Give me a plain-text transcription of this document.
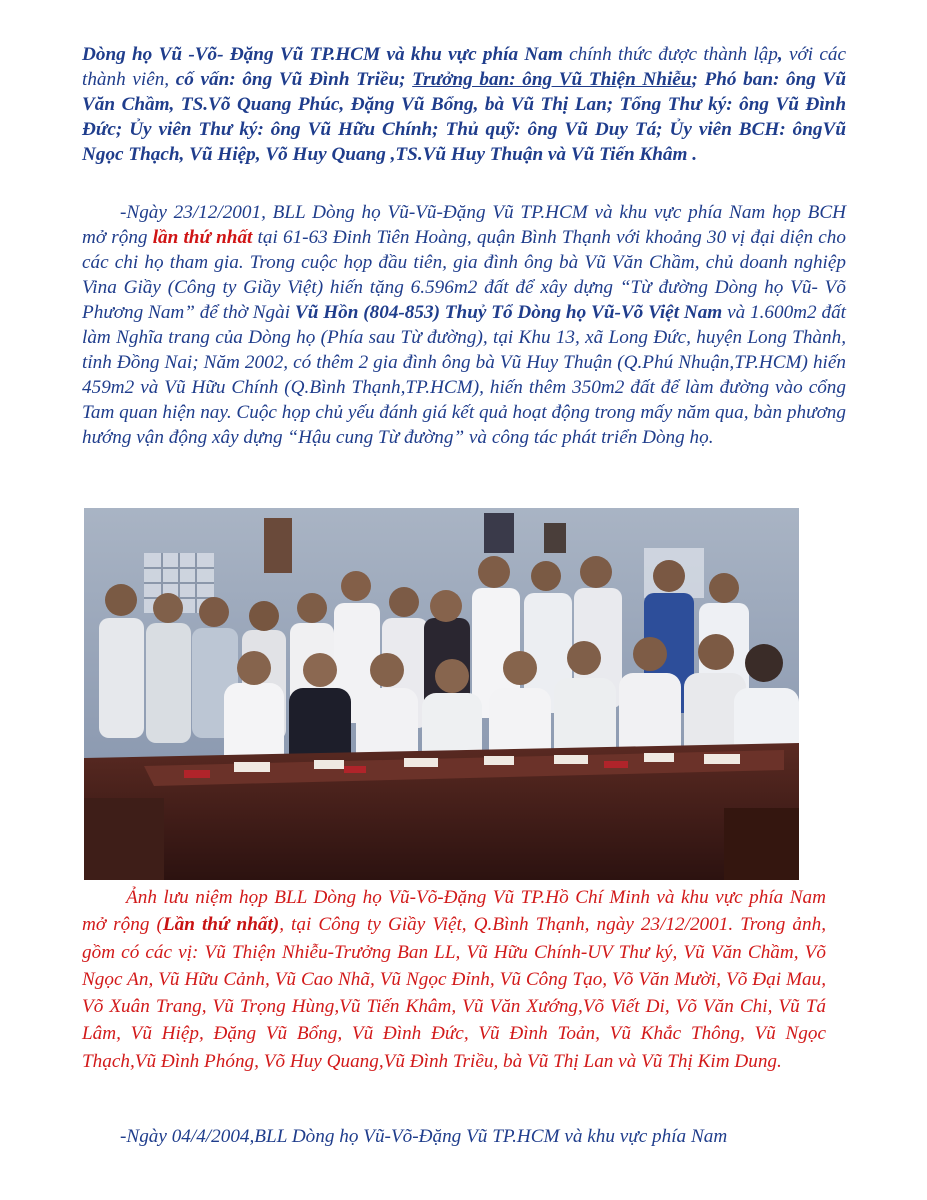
Dòng họ Vũ -Võ- Đặng Vũ TP.HCM và khu vực phía Nam chính thức được thành lập, với các thành viên, cố vấn: ông Vũ Đình Triều; Trưởng ban: ông Vũ Thiện Nhiễu; Phó ban: ông Vũ Văn Chầm, TS.Võ Quang Phúc, Đặng Vũ Bổng, bà Vũ Thị Lan; Tổng Thư ký: ông Vũ Đình Đức; Ủy viên Thư ký: ông Vũ Hữu Chính; Thủ quỹ: ông Vũ Duy Tá; Ủy viên BCH: ôngVũ Ngọc Thạch, Vũ Hiệp, Võ Huy Quang ,TS.Vũ Huy Thuận và Vũ Tiến Khâm .

-Ngày 23/12/2001, BLL Dòng họ Vũ-Vũ-Đặng Vũ TP.HCM và khu vực phía Nam họp BCH mở rộng lần thứ nhất tại 61-63 Đinh Tiên Hoàng, quận Bình Thạnh với khoảng 30 vị đại diện cho các chi họ tham gia. Trong cuộc họp đầu tiên, gia đình ông bà Vũ Văn Chầm, chủ doanh nghiệp Vina Giầy (Công ty Giầy Việt) hiến tặng 6.596m2 đất để xây dựng “Từ đường Dòng họ Vũ- Võ Phương Nam” để thờ Ngài Vũ Hồn (804-853) Thuỷ Tổ Dòng họ Vũ-Võ Việt Nam và 1.600m2 đất làm Nghĩa trang của Dòng họ (Phía sau Từ đường), tại Khu 13, xã Long Đức, huyện Long Thành, tỉnh Đồng Nai; Năm 2002, có thêm 2 gia đình ông bà Vũ Huy Thuận (Q.Phú Nhuận,TP.HCM) hiến 459m2 và Vũ Hữu Chính (Q.Bình Thạnh,TP.HCM), hiến thêm 350m2 đất để làm đường vào cổng Tam quan hiện nay. Cuộc họp chủ yếu đánh giá kết quả hoạt động trong mấy năm qua, bàn phương hướng vận động xây dựng “Hậu cung Từ đường” và công tác phát triển Dòng họ.

Ảnh lưu niệm họp BLL Dòng họ Vũ-Võ-Đặng Vũ TP.Hồ Chí Minh và khu vực phía Nam mở rộng (Lần thứ nhất), tại Công ty Giầy Việt, Q.Bình Thạnh, ngày 23/12/2001. Trong ảnh, gồm có các vị: Vũ Thiện Nhiễu-Trưởng Ban LL, Vũ Hữu Chính-UV Thư ký, Vũ Văn Chầm, Võ Ngọc An, Vũ Hữu Cảnh, Vũ Cao Nhã, Vũ Ngọc Đỉnh, Vũ Công Tạo, Võ Văn Mười, Võ Đại Mau, Võ Xuân Trang, Vũ Trọng Hùng,Vũ Tiến Khâm, Vũ Văn Xướng,Võ Viết Di, Võ Văn Chi, Vũ Tá Lâm, Vũ Hiệp, Đặng Vũ Bổng, Vũ Đình Đức, Vũ Đình Toản, Vũ Khắc Thông, Vũ Ngọc Thạch,Vũ Đình Phóng, Võ Huy Quang,Vũ Đình Triều, bà Vũ Thị Lan và Vũ Thị Kim Dung.

-Ngày 04/4/2004,BLL Dòng họ Vũ-Võ-Đặng Vũ TP.HCM và khu vực phía Nam
